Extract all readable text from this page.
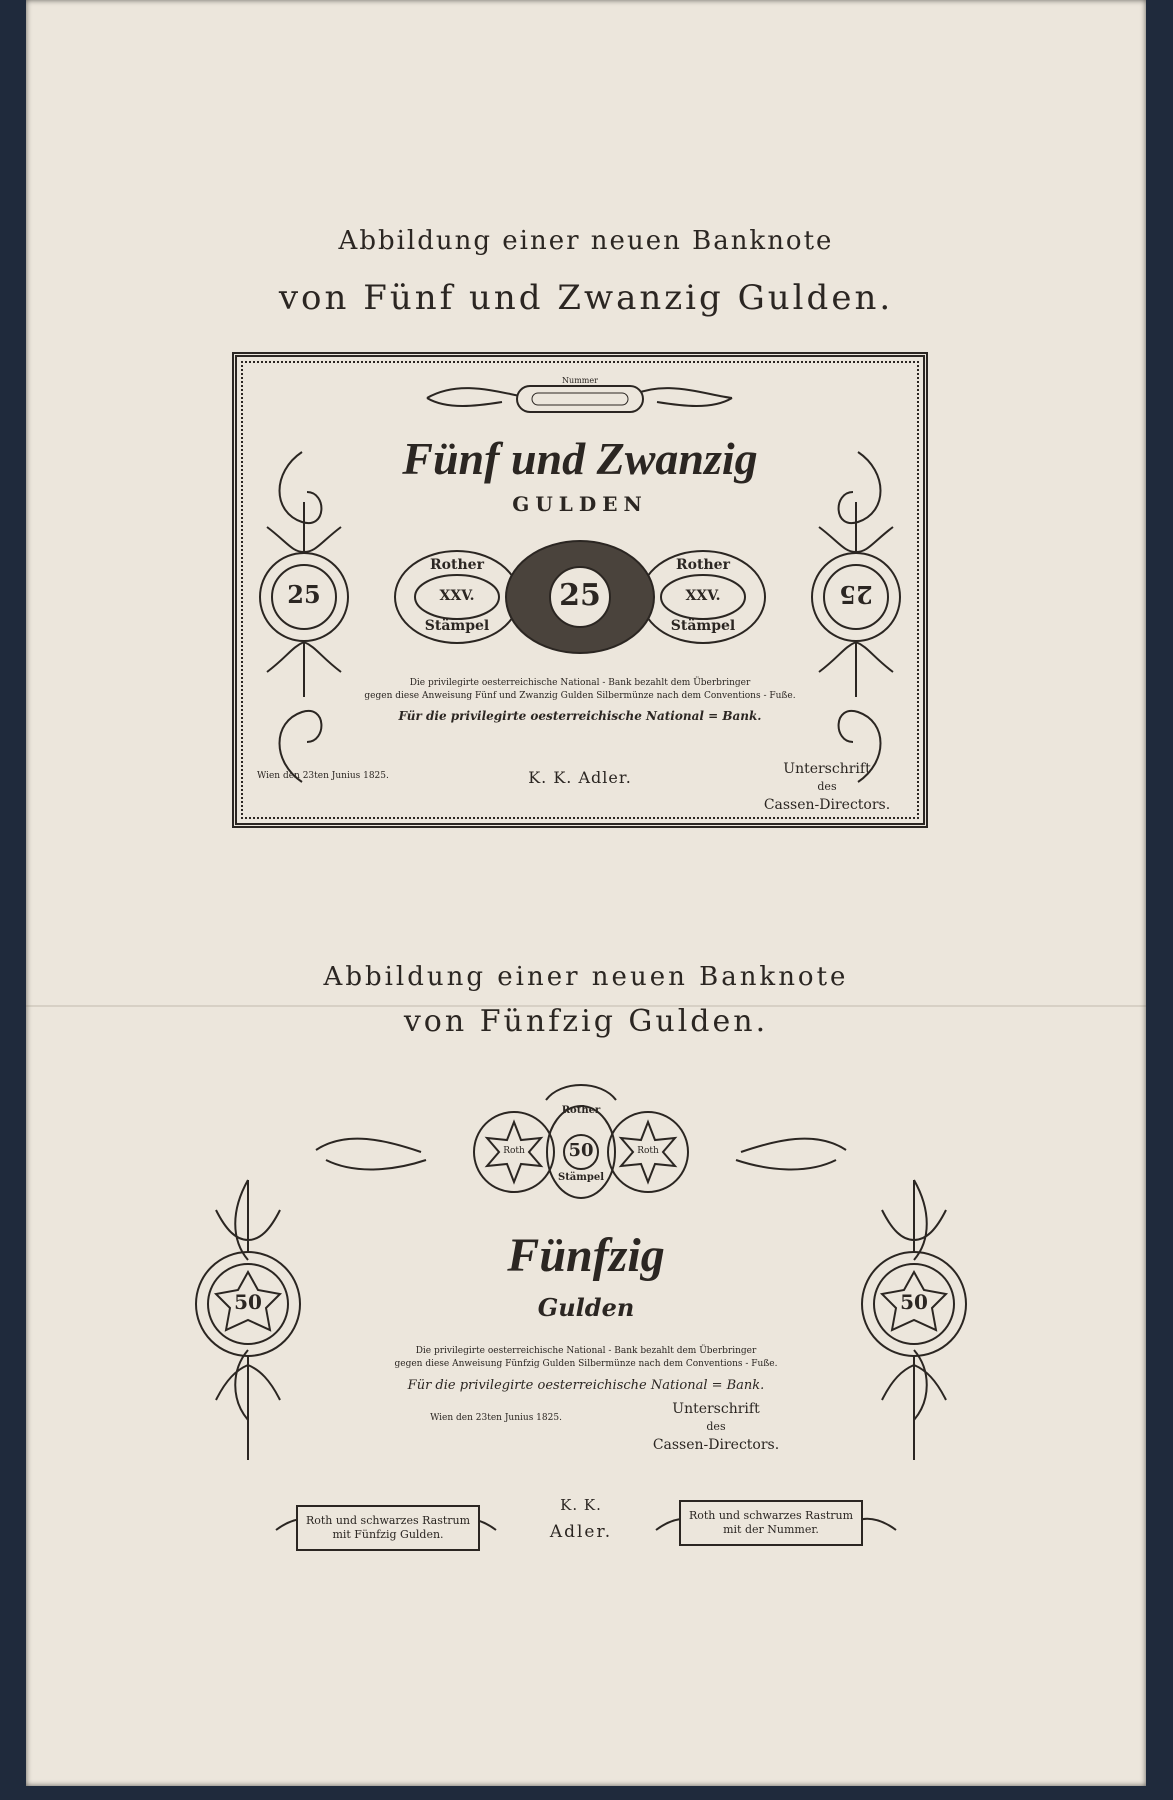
Abbildung einer neuen Banknote
von Fünf und Zwanzig Gulden.
Nummer
Fünf und Zwanzig
GULDEN
Rother
XXV.
Stämpel
25
Rother
XXV.
Stämpel
25	25
Die privilegirte oesterreichische National - Bank bezahlt dem Überbringer
gegen diese Anweisung Fünf und Zwanzig Gulden Silbermünze nach dem Conventions - Fuße.
Für die privilegirte oesterreichische National = Bank.
Wien den 23ten Junius 1825.	K. K. Adler.	Unterschrift
des
Cassen-Directors.
Abbildung einer neuen Banknote
von Fünfzig Gulden.
Roth
Rother
50
Stämpel
Roth
Fünfzig
Gulden
50	50
Die privilegirte oesterreichische National - Bank bezahlt dem Überbringer
gegen diese Anweisung Fünfzig Gulden Silbermünze nach dem Conventions - Fuße.
Für die privilegirte oesterreichische National = Bank.
Wien den 23ten Junius 1825.
Unterschrift
des
Cassen-Directors.
Roth und schwarzes Rastrum
mit Fünfzig Gulden.
K. K.
Adler.
Roth und schwarzes Rastrum
mit der Nummer.
